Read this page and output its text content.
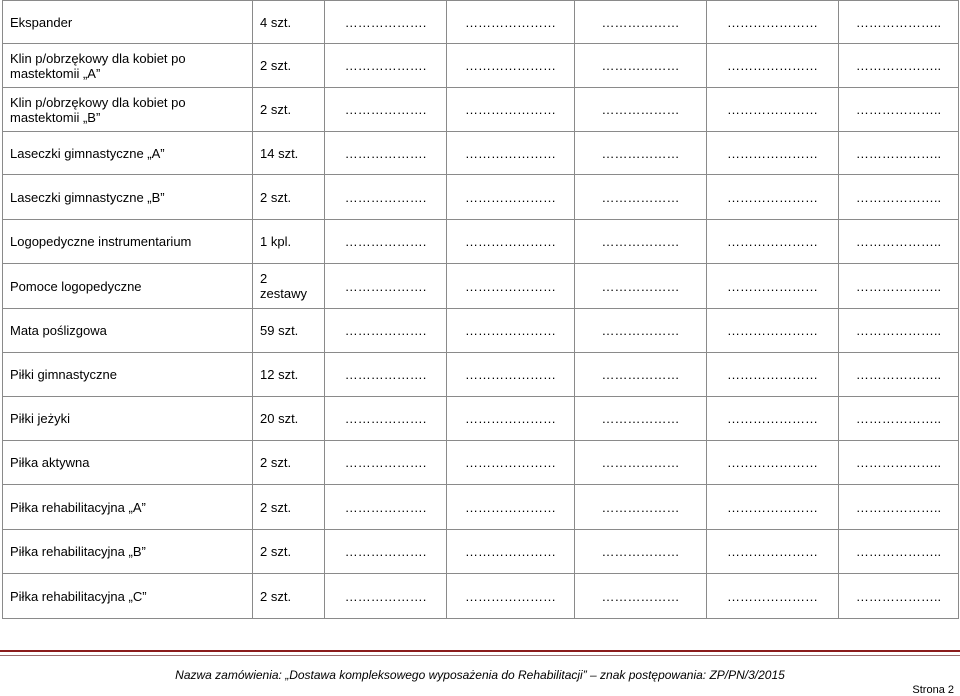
Ekspander	4 szt.	……………….	…………………	………………	…………………	………………..
Klin p/obrzękowy dla kobiet po mastektomii „A”	2 szt.	……………….	…………………	………………	…………………	………………..
Klin p/obrzękowy dla kobiet po mastektomii „B”	2 szt.	……………….	…………………	………………	…………………	………………..
Laseczki gimnastyczne „A”	14 szt.	……………….	…………………	………………	…………………	………………..
Laseczki gimnastyczne „B”	2 szt.	……………….	…………………	………………	…………………	………………..
Logopedyczne instrumentarium	1 kpl.	……………….	…………………	………………	…………………	………………..
Pomoce logopedyczne	2 zestawy	……………….	…………………	………………	…………………	………………..
Mata poślizgowa	59 szt.	……………….	…………………	………………	…………………	………………..
Piłki gimnastyczne	12 szt.	……………….	…………………	………………	…………………	………………..
Piłki jeżyki	20 szt.	……………….	…………………	………………	…………………	………………..
Piłka aktywna	2 szt.	……………….	…………………	………………	…………………	………………..
Piłka rehabilitacyjna „A”	2 szt.	……………….	…………………	………………	…………………	………………..
Piłka rehabilitacyjna „B”	2 szt.	……………….	…………………	………………	…………………	………………..
Piłka rehabilitacyjna „C”	2 szt.	……………….	…………………	………………	…………………	………………..
Nazwa zamówienia: „Dostawa kompleksowego wyposażenia do Rehabilitacji” – znak postępowania: ZP/PN/3/2015
Strona 2
